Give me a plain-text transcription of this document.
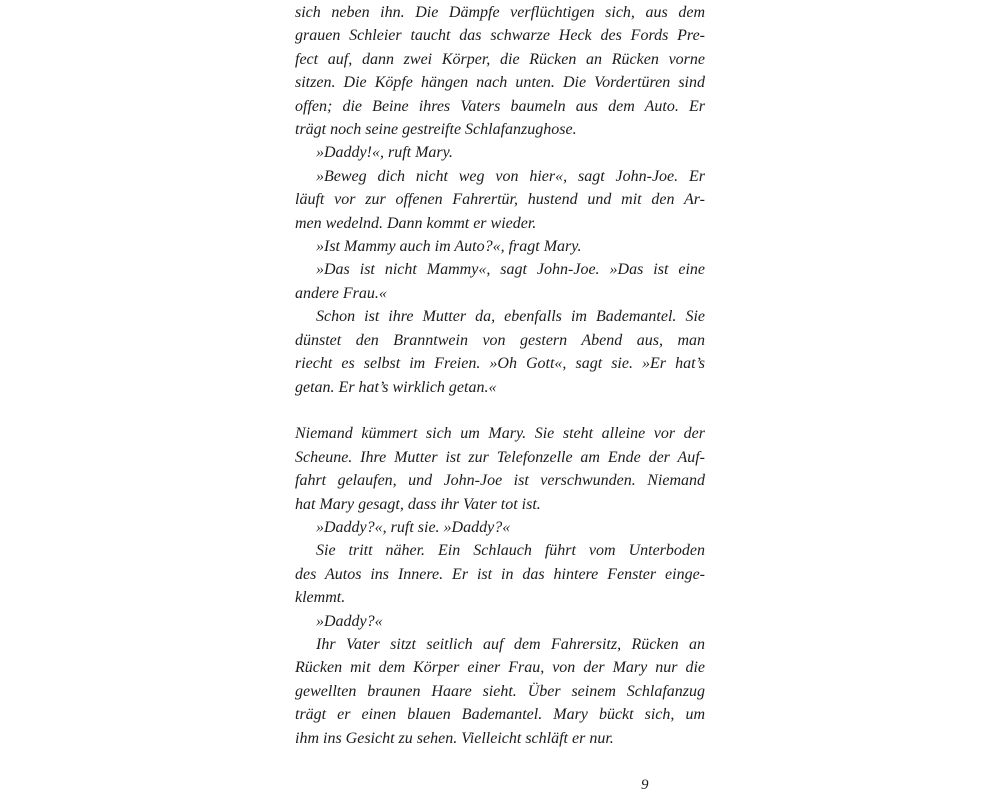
sich neben ihn. Die Dämpfe verflüchtigen sich, aus dem
grauen Schleier taucht das schwarze Heck des Fords Pre-
fect auf, dann zwei Körper, die Rücken an Rücken vorne
sitzen. Die Köpfe hängen nach unten. Die Vordertüren sind
offen; die Beine ihres Vaters baumeln aus dem Auto. Er
trägt noch seine gestreifte Schlafanzughose.

»Daddy!«, ruft Mary.

»Beweg dich nicht weg von hier«, sagt John-Joe. Er
läuft vor zur offenen Fahrertür, hustend und mit den Ar-
men wedelnd. Dann kommt er wieder.

»Ist Mammy auch im Auto?«, fragt Mary.

»Das ist nicht Mammy«, sagt John-Joe. »Das ist eine
andere Frau.«

Schon ist ihre Mutter da, ebenfalls im Bademantel. Sie
dünstet den Branntwein von gestern Abend aus, man
riecht es selbst im Freien. »Oh Gott«, sagt sie. »Er hat’s
getan. Er hat’s wirklich getan.«

Niemand kümmert sich um Mary. Sie steht alleine vor der
Scheune. Ihre Mutter ist zur Telefonzelle am Ende der Auf-
fahrt gelaufen, und John-Joe ist verschwunden. Niemand
hat Mary gesagt, dass ihr Vater tot ist.

»Daddy?«, ruft sie. »Daddy?«

Sie tritt näher. Ein Schlauch führt vom Unterboden
des Autos ins Innere. Er ist in das hintere Fenster einge-
klemmt.

»Daddy?«

Ihr Vater sitzt seitlich auf dem Fahrersitz, Rücken an
Rücken mit dem Körper einer Frau, von der Mary nur die
gewellten braunen Haare sieht. Über seinem Schlafanzug
trägt er einen blauen Bademantel. Mary bückt sich, um
ihm ins Gesicht zu sehen. Vielleicht schläft er nur.

9
